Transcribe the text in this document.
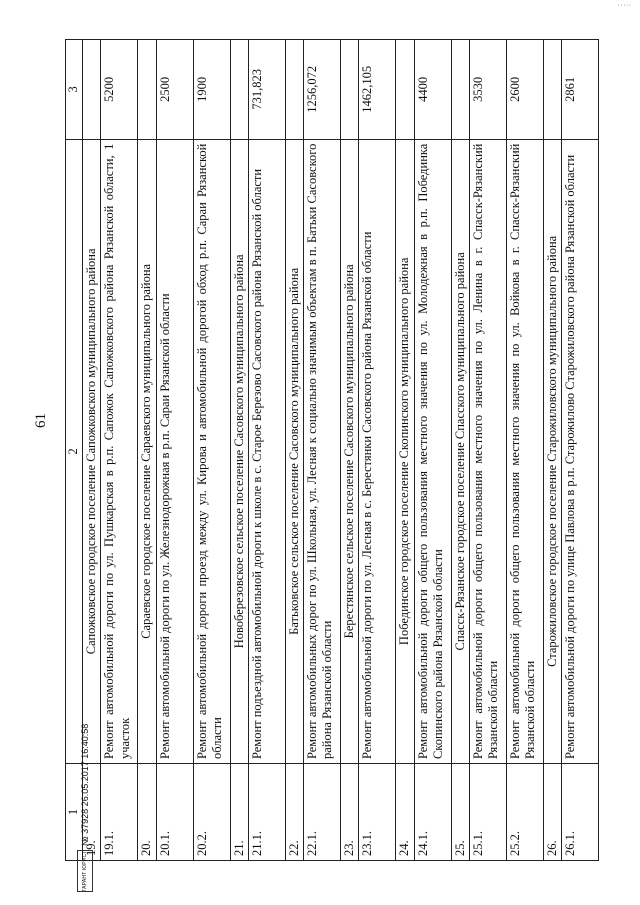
61
1	2	3
19.	Сапожковское городское поселение Сапожковского муниципального района	
19.1.	Ремонт автомобильной дороги по ул. Пушкарская в р.п. Сапожок Сапожковского района Рязанской области, 1 участок	5200
20.	Сараевское городское поселение Сараевского муниципального района	
20.1.	Ремонт автомобильной дороги по ул. Железнодорожная в р.п. Сараи Рязанской области	2500
20.2.	Ремонт автомобильной дороги проезд между ул. Кирова и автомобильной дорогой обход р.п. Сараи Рязанской области	1900
21.	Новоберезовское сельское поселение Сасовского муниципального района	
21.1.	Ремонт подъездной автомобильной дороги к школе в с. Старое Березово Сасовского района Рязанской области	731,823
22.	Батьковское сельское поселение Сасовского муниципального района	
22.1.	Ремонт автомобильных дорог по ул. Школьная, ул. Лесная к социально значимым объектам в п. Батьки Сасовского района Рязанской области	1256,072
23.	Берестянское сельское поселение Сасовского муниципального района	
23.1.	Ремонт автомобильной дороги по ул. Лесная в с. Берестянки Сасовского района Рязанской области	1462,105
24.	Побединское городское поселение Скопинского муниципального района	
24.1.	Ремонт автомобильной дороги общего пользования местного значения по ул. Молодежная в р.п. Побединка Скопинского района Рязанской области	4400
25.	Спасск-Рязанское городское поселение Спасского муниципального района	
25.1.	Ремонт автомобильной дороги общего пользования местного значения по ул. Ленина в г. Спасск-Рязанский Рязанской области	3530
25.2.	Ремонт автомобильной дороги общего пользования местного значения по ул. Войкова в г. Спасск-Рязанский Рязанской области	2600
26.	Старожиловское городское поселение Старожиловского муниципального района	
26.1.	Ремонт автомобильной дороги по улице Павлова в р.п. Старожилово Старожиловского района Рязанской области	2861
ГАРАНТ ЮРИСТ
№ 37928 26.05.2017 16:40:58
' ' ' ' '
